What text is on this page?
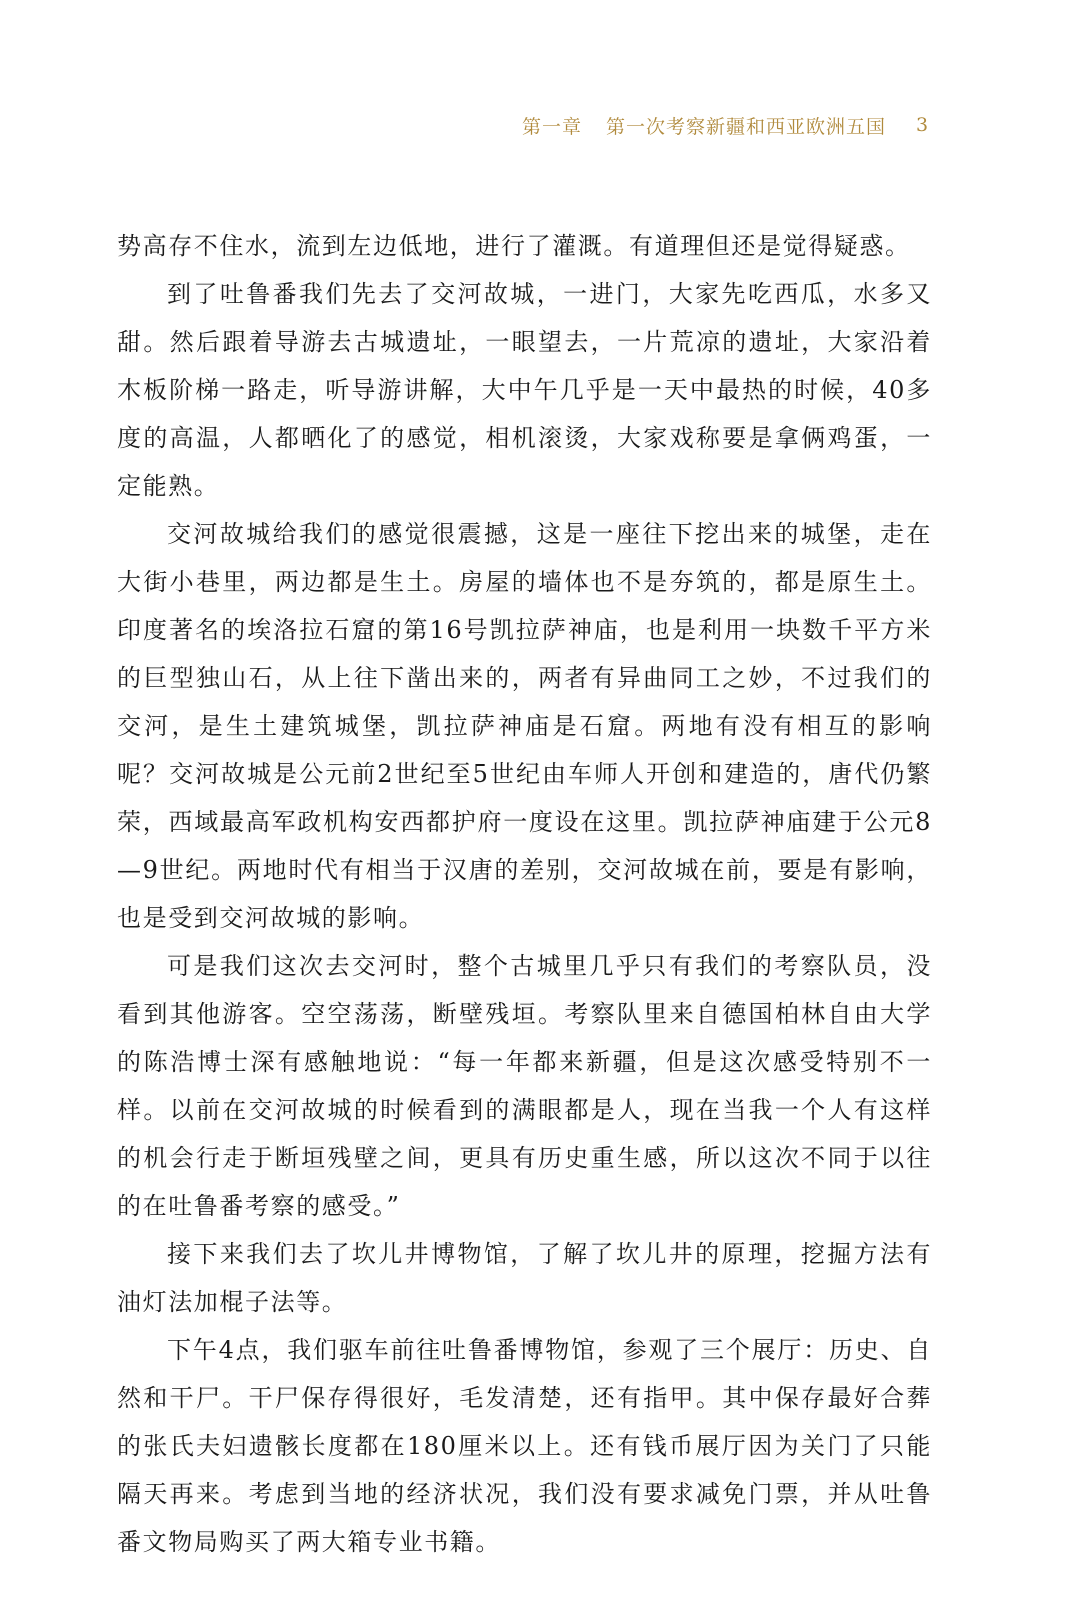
第一章 第一次考察新疆和西亚欧洲五国	3

势高存不住水，流到左边低地，进行了灌溉。有道理但还是觉得疑惑。

到了吐鲁番我们先去了交河故城，一进门，大家先吃西瓜，水多又甜。然后跟着导游去古城遗址，一眼望去，一片荒凉的遗址，大家沿着木板阶梯一路走，听导游讲解，大中午几乎是一天中最热的时候，40多度的高温，人都晒化了的感觉，相机滚烫，大家戏称要是拿俩鸡蛋，一定能熟。

交河故城给我们的感觉很震撼，这是一座往下挖出来的城堡，走在大街小巷里，两边都是生土。房屋的墙体也不是夯筑的，都是原生土。印度著名的埃洛拉石窟的第16号凯拉萨神庙，也是利用一块数千平方米的巨型独山石，从上往下凿出来的，两者有异曲同工之妙，不过我们的交河，是生土建筑城堡，凯拉萨神庙是石窟。两地有没有相互的影响呢？交河故城是公元前2世纪至5世纪由车师人开创和建造的，唐代仍繁荣，西域最高军政机构安西都护府一度设在这里。凯拉萨神庙建于公元8—9世纪。两地时代有相当于汉唐的差别，交河故城在前，要是有影响，也是受到交河故城的影响。

可是我们这次去交河时，整个古城里几乎只有我们的考察队员，没看到其他游客。空空荡荡，断壁残垣。考察队里来自德国柏林自由大学的陈浩博士深有感触地说：“每一年都来新疆，但是这次感受特别不一样。以前在交河故城的时候看到的满眼都是人，现在当我一个人有这样的机会行走于断垣残壁之间，更具有历史重生感，所以这次不同于以往的在吐鲁番考察的感受。”

接下来我们去了坎儿井博物馆，了解了坎儿井的原理，挖掘方法有油灯法加棍子法等。

下午4点，我们驱车前往吐鲁番博物馆，参观了三个展厅：历史、自然和干尸。干尸保存得很好，毛发清楚，还有指甲。其中保存最好合葬的张氏夫妇遗骸长度都在180厘米以上。还有钱币展厅因为关门了只能隔天再来。考虑到当地的经济状况，我们没有要求减免门票，并从吐鲁番文物局购买了两大箱专业书籍。
